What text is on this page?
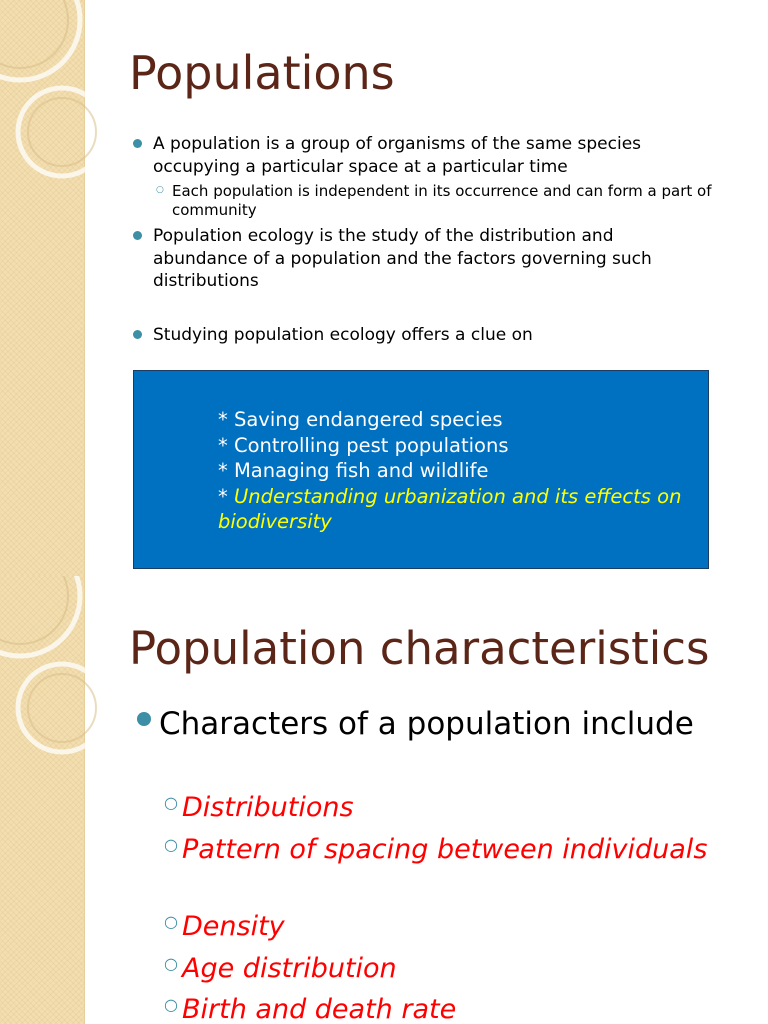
Populations
A population is a group of organisms of the same species occupying a particular space at a particular time
○ Each population is independent in its occurrence and can form a part of community
Population ecology is the study of the distribution and abundance of a population and the factors governing such distributions
Studying population ecology offers a clue on
* Saving endangered species
* Controlling pest populations
* Managing fish and wildlife
* Understanding urbanization and its effects on biodiversity
Population characteristics
Characters of a population include
○ Distributions
○ Pattern of spacing between individuals
○ Density
○ Age distribution
○ Birth and death rate
